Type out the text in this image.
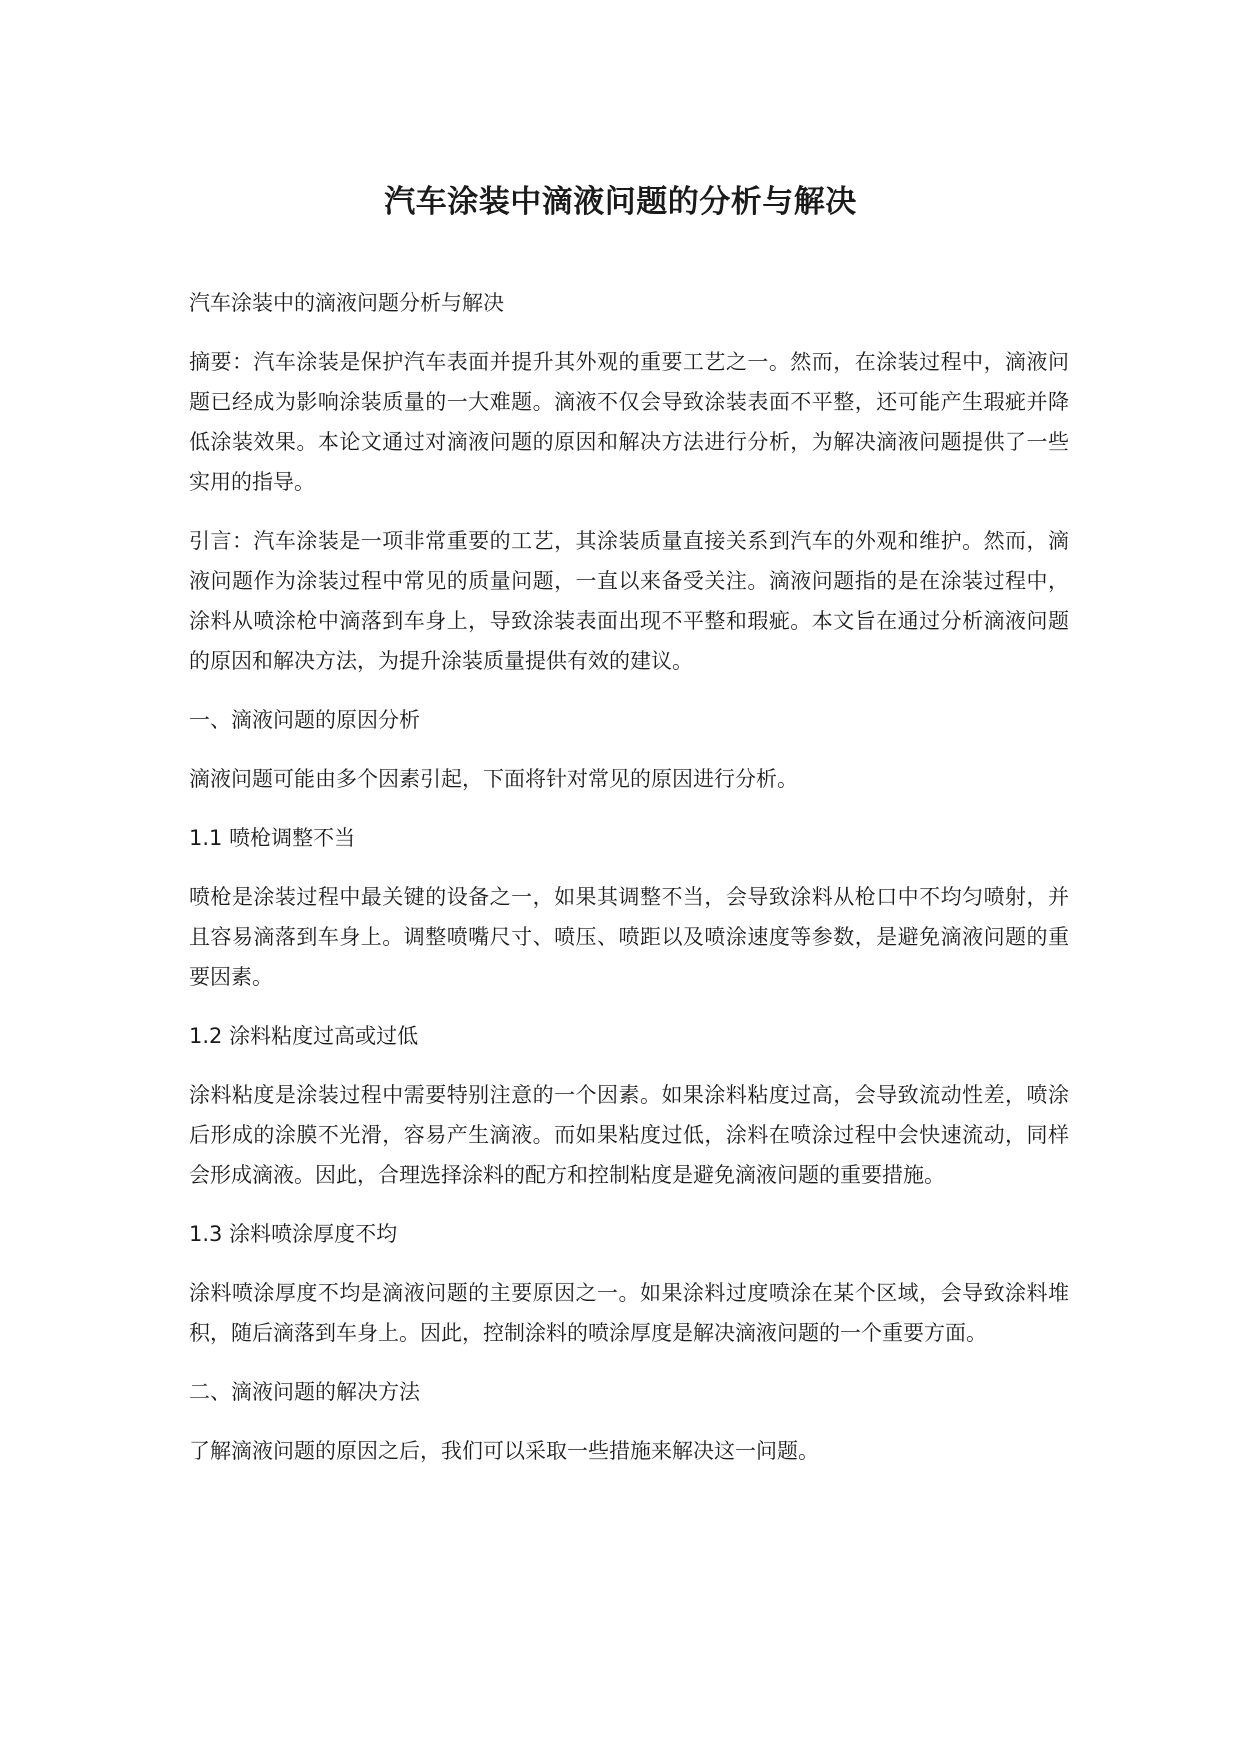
汽车涂装中滴液问题的分析与解决

汽车涂装中的滴液问题分析与解决

摘要：汽车涂装是保护汽车表面并提升其外观的重要工艺之一。然而，在涂装过程中，滴液问题已经成为影响涂装质量的一大难题。滴液不仅会导致涂装表面不平整，还可能产生瑕疵并降低涂装效果。本论文通过对滴液问题的原因和解决方法进行分析，为解决滴液问题提供了一些实用的指导。

引言：汽车涂装是一项非常重要的工艺，其涂装质量直接关系到汽车的外观和维护。然而，滴液问题作为涂装过程中常见的质量问题，一直以来备受关注。滴液问题指的是在涂装过程中，涂料从喷涂枪中滴落到车身上，导致涂装表面出现不平整和瑕疵。本文旨在通过分析滴液问题的原因和解决方法，为提升涂装质量提供有效的建议。

一、滴液问题的原因分析

滴液问题可能由多个因素引起，下面将针对常见的原因进行分析。

1.1 喷枪调整不当

喷枪是涂装过程中最关键的设备之一，如果其调整不当，会导致涂料从枪口中不均匀喷射，并且容易滴落到车身上。调整喷嘴尺寸、喷压、喷距以及喷涂速度等参数，是避免滴液问题的重要因素。

1.2 涂料粘度过高或过低

涂料粘度是涂装过程中需要特别注意的一个因素。如果涂料粘度过高，会导致流动性差，喷涂后形成的涂膜不光滑，容易产生滴液。而如果粘度过低，涂料在喷涂过程中会快速流动，同样会形成滴液。因此，合理选择涂料的配方和控制粘度是避免滴液问题的重要措施。

1.3 涂料喷涂厚度不均

涂料喷涂厚度不均是滴液问题的主要原因之一。如果涂料过度喷涂在某个区域，会导致涂料堆积，随后滴落到车身上。因此，控制涂料的喷涂厚度是解决滴液问题的一个重要方面。

二、滴液问题的解决方法

了解滴液问题的原因之后，我们可以采取一些措施来解决这一问题。
